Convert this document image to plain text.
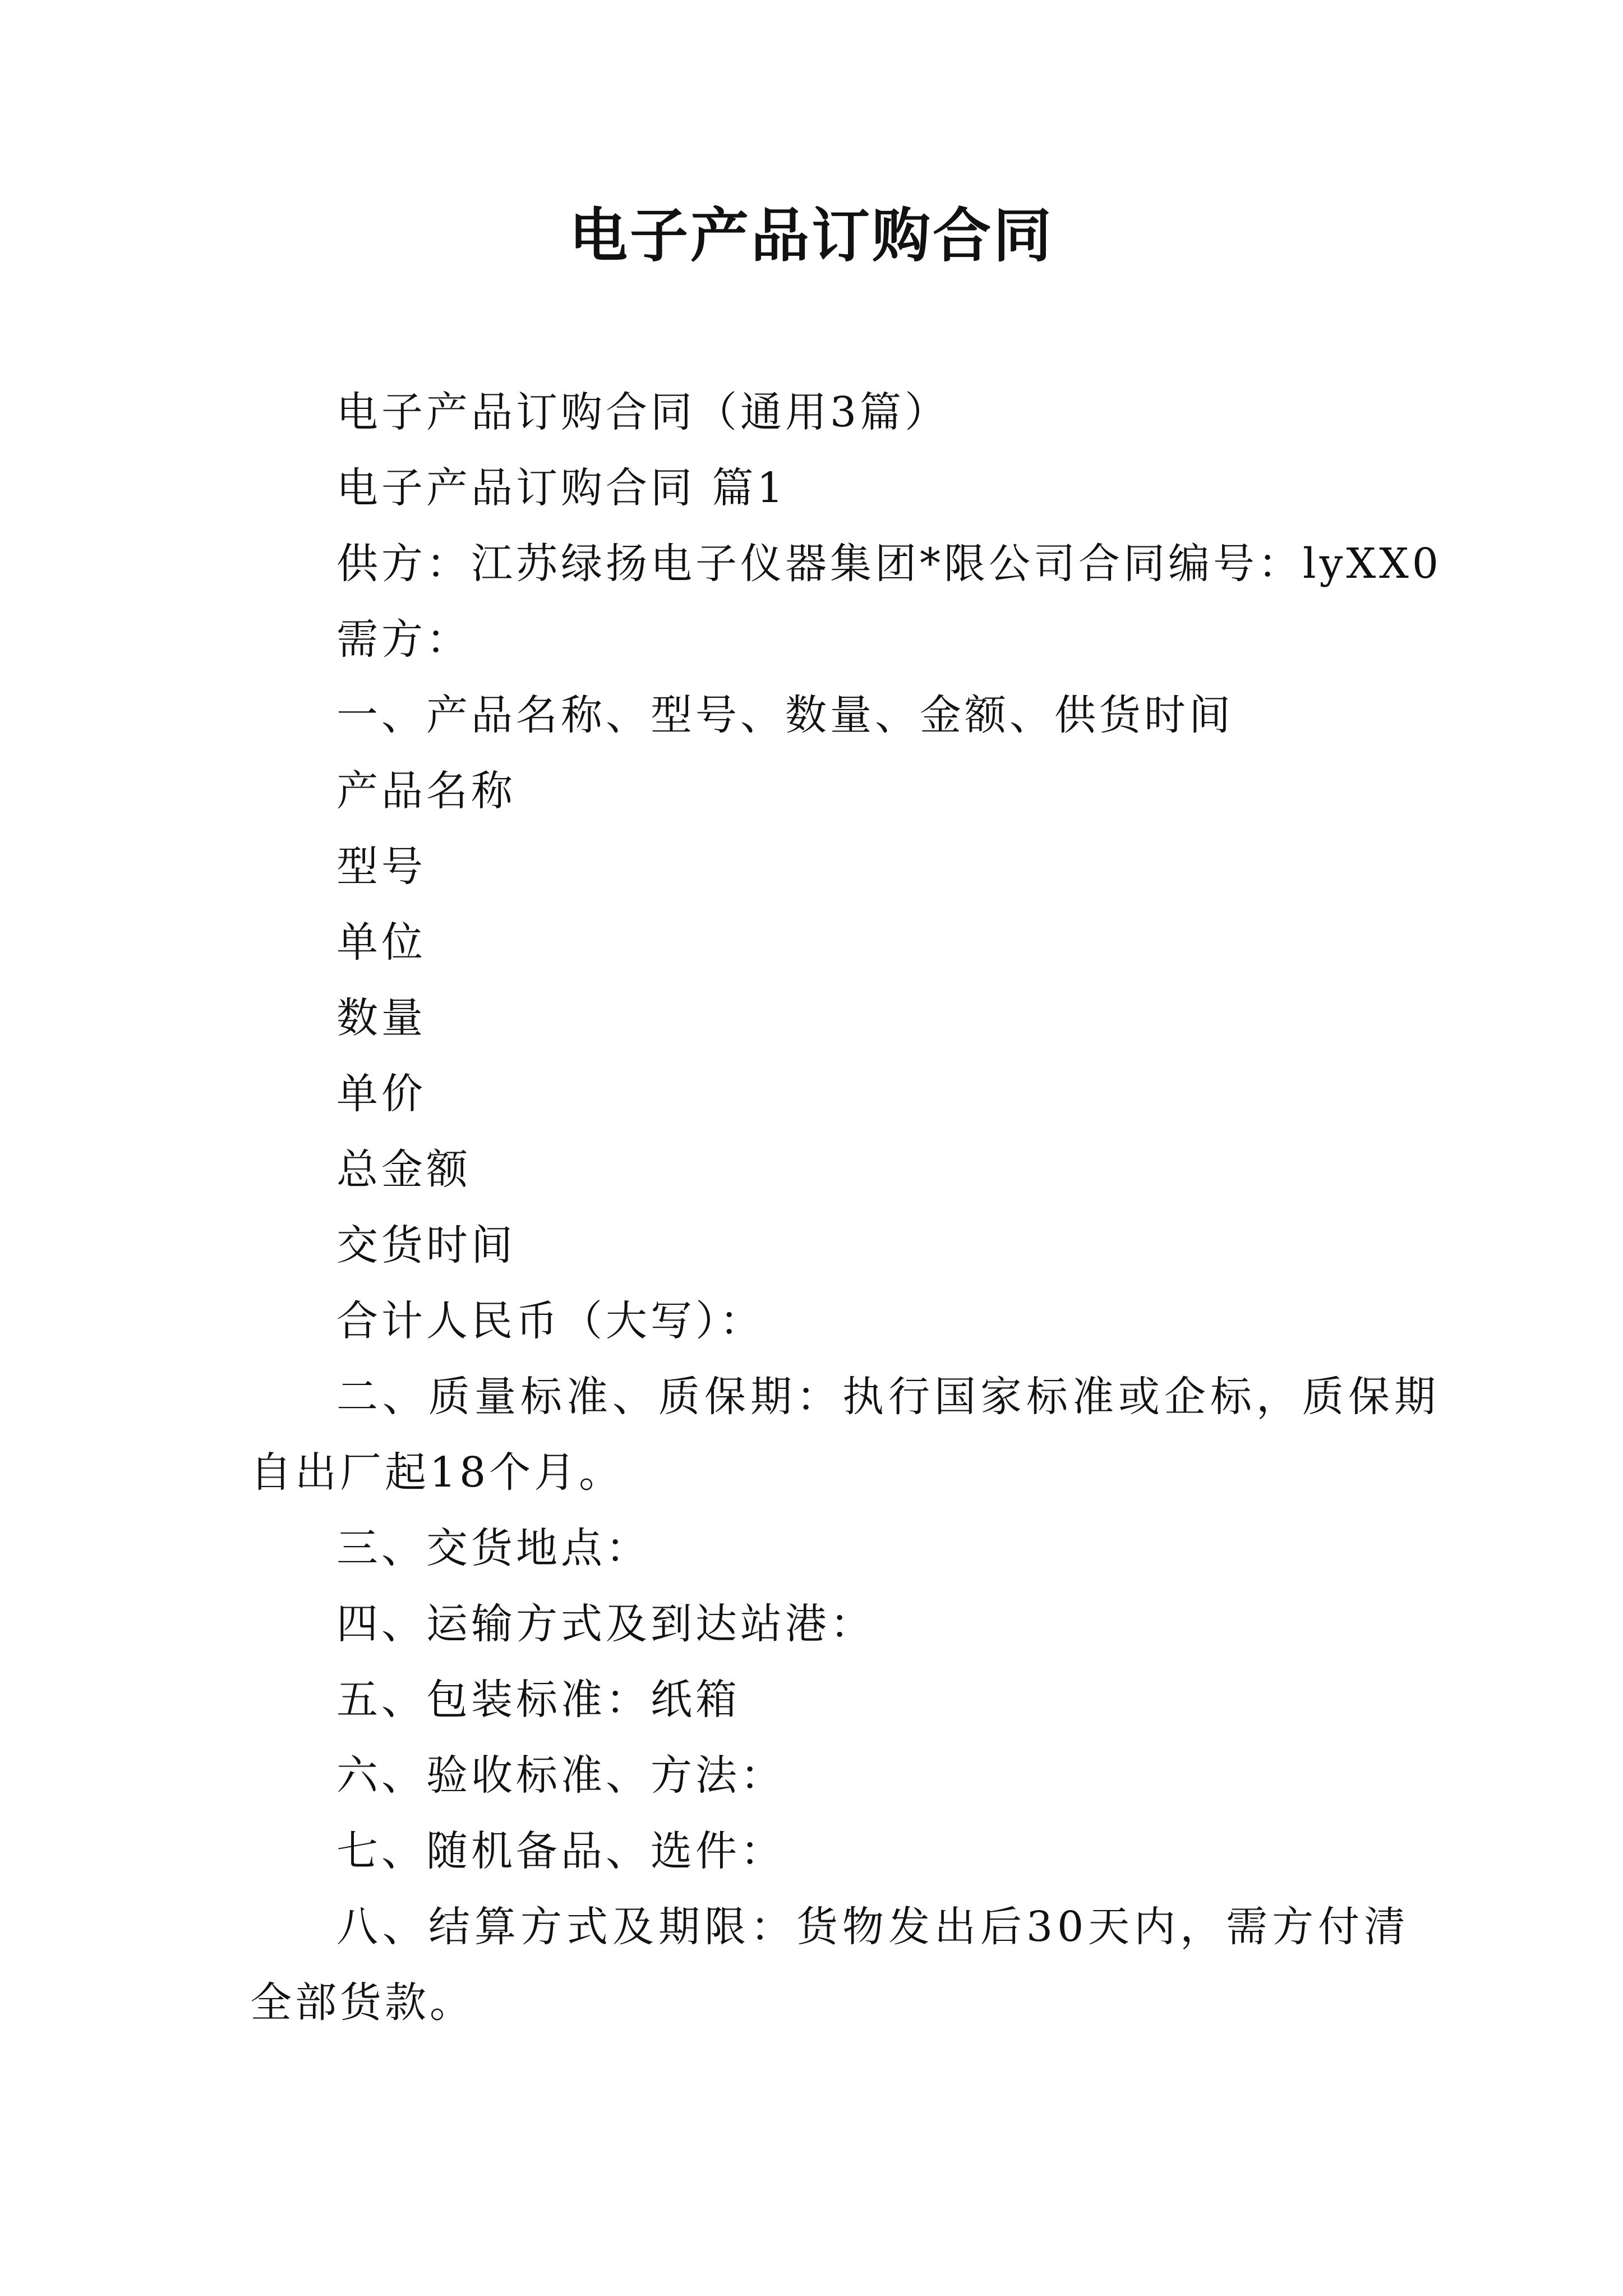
电子产品订购合同

电子产品订购合同（通用3篇）

电子产品订购合同 篇1

供方：江苏绿扬电子仪器集团*限公司合同编号：lyXX0

需方：

一、产品名称、型号、数量、金额、供货时间

产品名称

型号

单位

数量

单价

总金额

交货时间

合计人民币（大写）：

二、质量标准、质保期：执行国家标准或企标，质保期

自出厂起18个月。

三、交货地点：

四、运输方式及到达站港：

五、包装标准：纸箱

六、验收标准、方法：

七、随机备品、选件：

八、结算方式及期限：货物发出后30天内，需方付清

全部货款。
